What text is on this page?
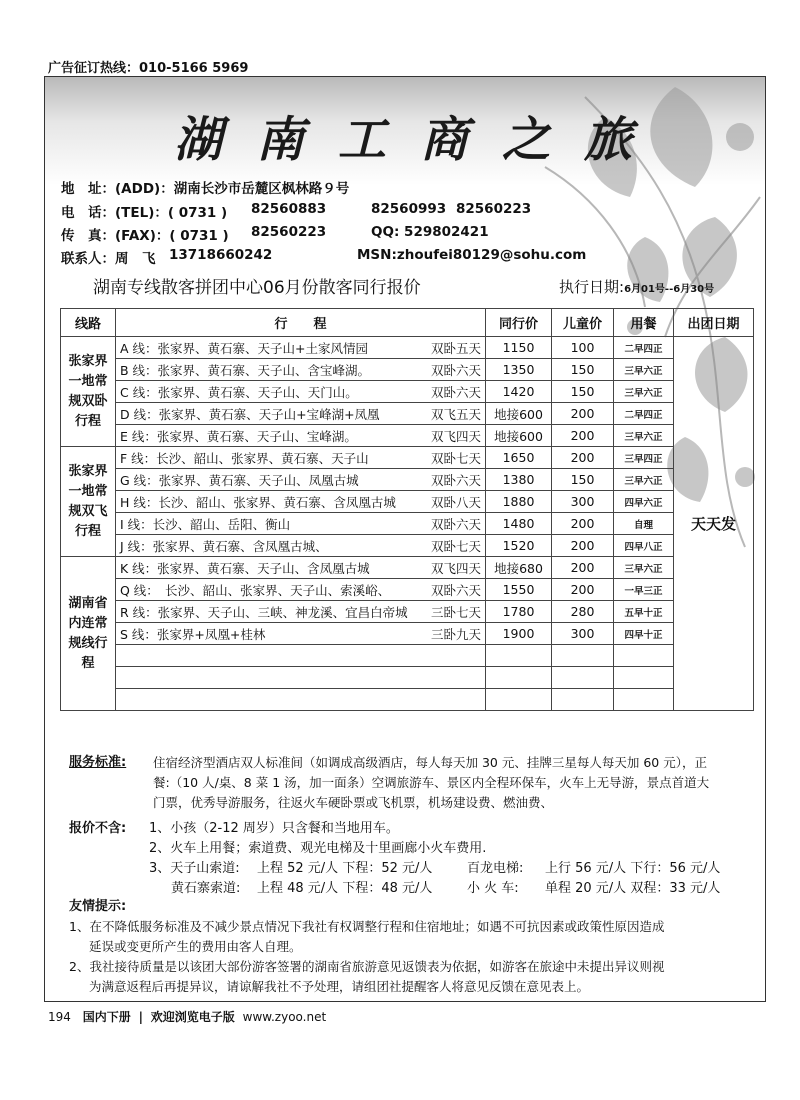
广告征订热线：010-5166 5969
湖南工商之旅
地　址：(ADD)：湖南长沙市岳麓区枫林路９号
电　话：(TEL)：( 0731 ) 82560883	82560993 82560223
传　真：(FAX)：( 0731 ) 82560223	QQ: 529802421
联系人：周　飞 13718660242	MSN:zhoufei80129@sohu.com
湖南专线散客拼团中心06月份散客同行报价	执行日期:6月01号--6月30号
线路	行　　程	同行价	儿童价	用餐	出团日期
张家界一地常规双卧行程	A 线：张家界、黄石寨、天子山+土家风情园 双卧五天	1150	100	二早四正	天天发

	B 线：张家界、黄石寨、天子山、含宝峰湖。 双卧六天	1350	150	三早六正	

	C 线：张家界、黄石寨、天子山、天门山。 双卧六天	1420	150	三早六正	

	D 线：张家界、黄石寨、天子山+宝峰湖+凤凰 双飞五天	地接600	200	二早四正	

	E 线：张家界、黄石寨、天子山、宝峰湖。 双飞四天	地接600	200	三早六正	
张家界一地常规双飞行程	F 线：长沙、韶山、张家界、黄石寨、天子山 双卧七天	1650	200	三早四正	

	G 线：张家界、黄石寨、天子山、凤凰古城 双卧六天	1380	150	三早六正	

	H 线：长沙、韶山、张家界、黄石寨、含凤凰古城 双卧八天	1880	300	四早六正	

	I 线：长沙、韶山、岳阳、衡山 双卧六天	1480	200	自理	

	J 线：张家界、黄石寨、含凤凰古城、 双卧七天	1520	200	四早八正	
湖南省内连常规线行程	K 线：张家界、黄石寨、天子山、含凤凰古城 双飞四天	地接680	200	三早六正	

	Q 线：　长沙、韶山、张家界、天子山、索溪峪、 双卧六天	1550	200	一早三正	

	R 线：张家界、天子山、三峡、神龙溪、宜昌白帝城 三卧七天	1780	280	五早十正	

	S 线：张家界+凤凰+桂林 三卧九天	1900	300	四早十正	

服务标准:	住宿经济型酒店双人标准间（如调成高级酒店，每人每天加 30 元、挂牌三星每人每天加 60 元），正
餐:（10 人/桌、8 菜 1 汤，加一面条）空调旅游车、景区内全程环保车，火车上无导游，景点首道大
门票，优秀导游服务，往返火车硬卧票或飞机票，机场建设费、燃油费、
报价不含:	1、小孩（2-12 周岁）只含餐和当地用车。
2、火车上用餐；索道费、观光电梯及十里画廊小火车费用.
3、天子山索道: 上程 52 元/人 下程：52 元/人	百龙电梯: 上行 56 元/人 下行：56 元/人
黄石寨索道: 上程 48 元/人 下程：48 元/人	小 火 车: 单程 20 元/人 双程：33 元/人
友情提示:
1、在不降低服务标准及不减少景点情况下我社有权调整行程和住宿地址；如遇不可抗因素或政策性原因造成
延误或变更所产生的费用由客人自理。
2、我社接待质量是以该团大部份游客签署的湖南省旅游意见返馈表为依据，如游客在旅途中未提出异议则视
为满意返程后再提异议，请谅解我社不予处理，请组团社提醒客人将意见反馈在意见表上。
194 国内下册 | 欢迎浏览电子版 www.zyoo.net
